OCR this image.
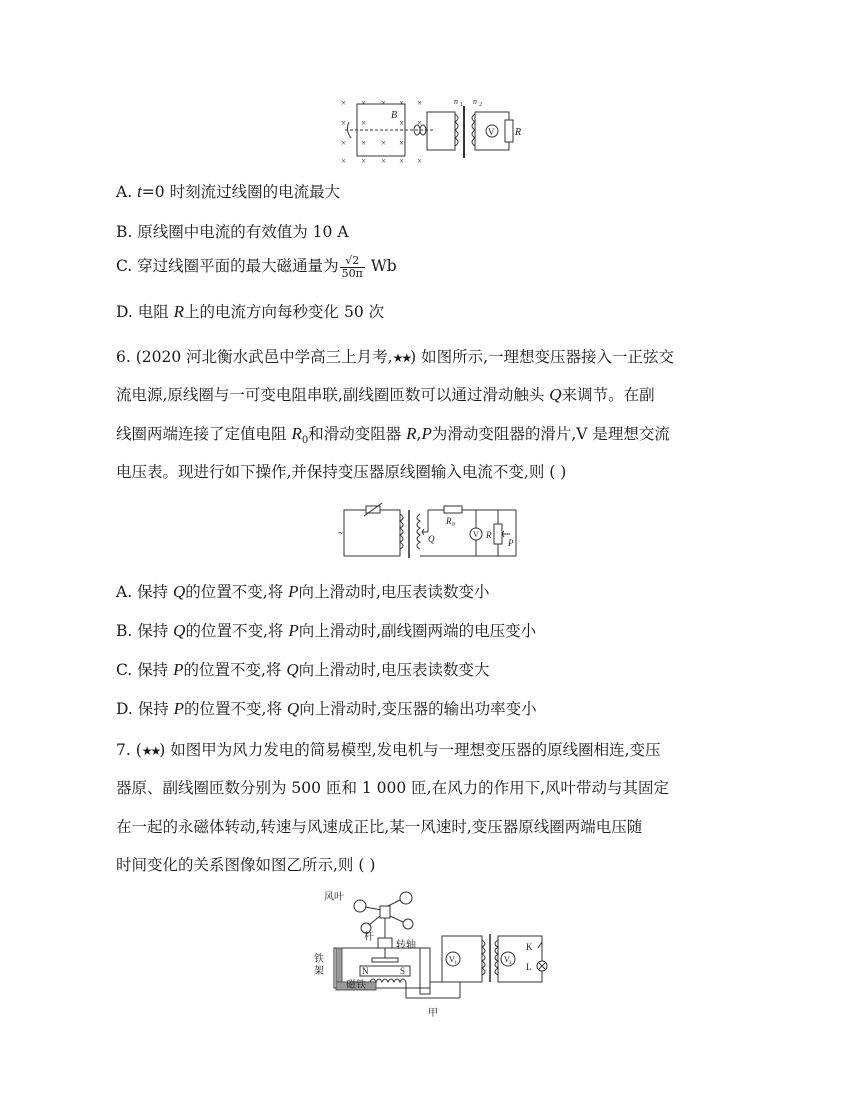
× × × × ×
× ×	× ×
× × × ×
× × × × ×
B
n 1 n 2
V R
A. t=0 时刻流过线圈的电流最大
B. 原线圈中电流的有效值为 10 A
C. 穿过线圈平面的最大磁通量为 $\frac{√2}{50\pi}$ Wb
D. 电阻 R上的电流方向每秒变化 50 次
6. (2020 河北衡水武邑中学高三上月考,★★) 如图所示,一理想变压器接入一正弦交
流电源,原线圈与一可变电阻串联,副线圈匝数可以通过滑动触头 Q来调节。在副
线圈两端连接了定值电阻 $R_0$和滑动变阻器 R,P为滑动变阻器的滑片,V 是理想交流
电压表。现进行如下操作,并保持变压器原线圈输入电流不变,则 ( )
~
R 0
Q	V R
P
A. 保持 Q的位置不变,将 P向上滑动时,电压表读数变小
B. 保持 Q的位置不变,将 P向上滑动时,副线圈两端的电压变小
C. 保持 P的位置不变,将 Q向上滑动时,电压表读数变大
D. 保持 P的位置不变,将 Q向上滑动时,变压器的输出功率变小
7. (★★) 如图甲为风力发电的简易模型,发电机与一理想变压器的原线圈相连,变压
器原、副线圈匝数分别为 500 匝和 1 000 匝,在风力的作用下,风叶带动与其固定
在一起的永磁体转动,转速与风速成正比,某一风速时,变压器原线圈两端电压随
时间变化的关系图像如图乙所示,则 ( )
风叶
杆
转轴
铁
架
磁铁
N	S
V 1	V 2
K
L
甲
